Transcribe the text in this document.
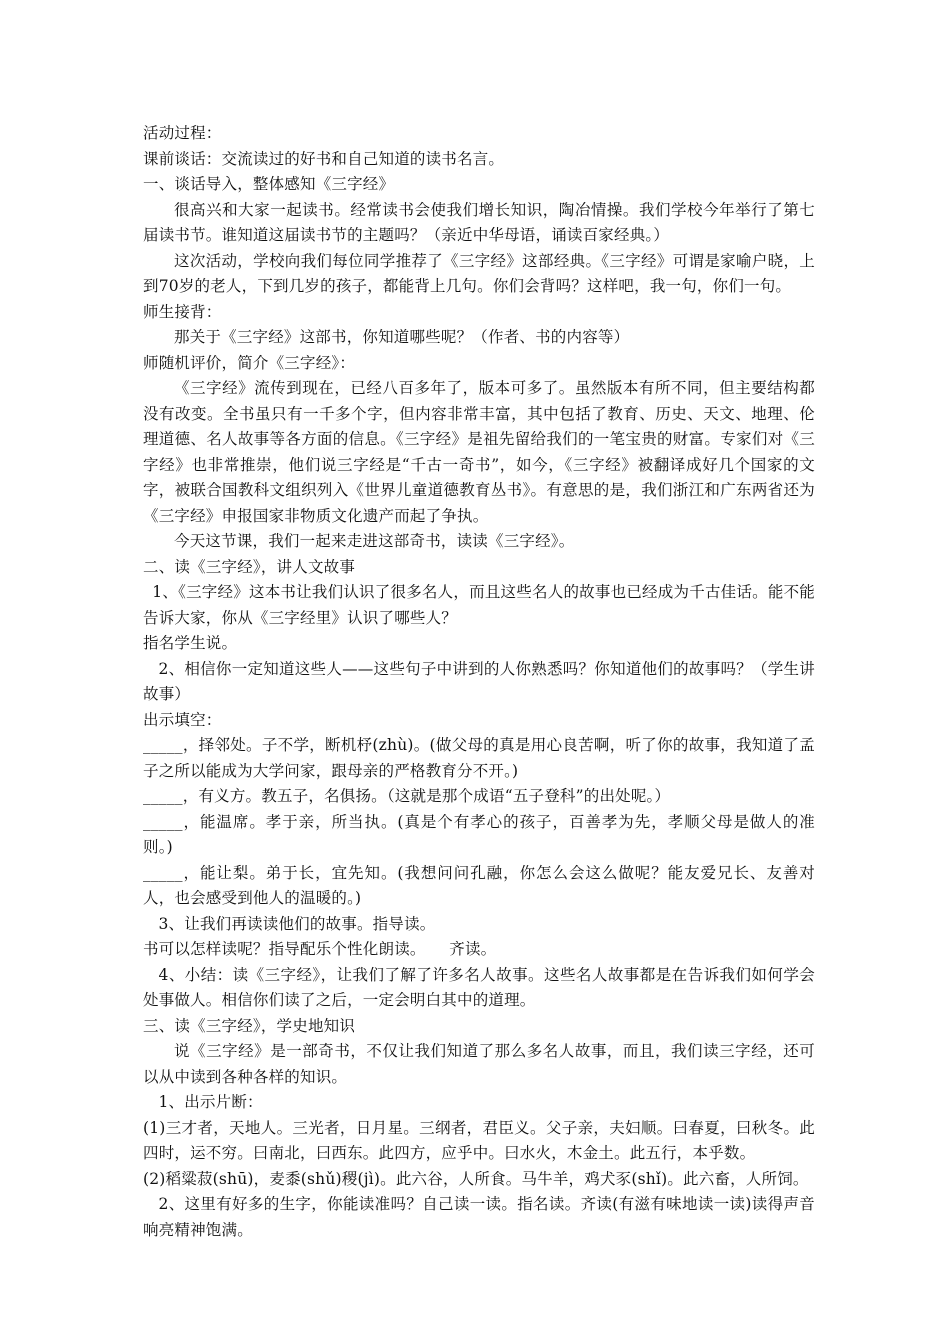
活动过程：

课前谈话：交流读过的好书和自己知道的读书名言。

一、谈话导入，整体感知《三字经》

很高兴和大家一起读书。经常读书会使我们增长知识，陶冶情操。我们学校今年举行了第七届读书节。谁知道这届读书节的主题吗？（亲近中华母语，诵读百家经典。）

这次活动，学校向我们每位同学推荐了《三字经》这部经典。《三字经》可谓是家喻户晓，上到70岁的老人，下到几岁的孩子，都能背上几句。你们会背吗？这样吧，我一句，你们一句。

师生接背：

那关于《三字经》这部书，你知道哪些呢？（作者、书的内容等）

师随机评价，简介《三字经》：

《三字经》流传到现在，已经八百多年了，版本可多了。虽然版本有所不同，但主要结构都没有改变。全书虽只有一千多个字，但内容非常丰富，其中包括了教育、历史、天文、地理、伦理道德、名人故事等各方面的信息。《三字经》是祖先留给我们的一笔宝贵的财富。专家们对《三字经》也非常推崇，他们说三字经是“千古一奇书”，如今，《三字经》被翻译成好几个国家的文字，被联合国教科文组织列入《世界儿童道德教育丛书》。有意思的是，我们浙江和广东两省还为《三字经》申报国家非物质文化遗产而起了争执。

今天这节课，我们一起来走进这部奇书，读读《三字经》。

二、读《三字经》，讲人文故事

1、《三字经》这本书让我们认识了很多名人，而且这些名人的故事也已经成为千古佳话。能不能告诉大家，你从《三字经里》认识了哪些人？

指名学生说。

2、相信你一定知道这些人——这些句子中讲到的人你熟悉吗？你知道他们的故事吗？（学生讲故事）

出示填空：

_____，择邻处。子不学，断机杼(zhù)。(做父母的真是用心良苦啊，听了你的故事，我知道了孟子之所以能成为大学问家，跟母亲的严格教育分不开。)

_____，有义方。教五子，名俱扬。（这就是那个成语“五子登科”的出处呢。）

_____，能温席。孝于亲，所当执。(真是个有孝心的孩子，百善孝为先，孝顺父母是做人的准则。)

_____，能让梨。弟于长，宜先知。(我想问问孔融，你怎么会这么做呢？能友爱兄长、友善对人，也会感受到他人的温暖的。)

3、让我们再读读他们的故事。指导读。

书可以怎样读呢？指导配乐个性化朗读。　　齐读。

4、小结：读《三字经》，让我们了解了许多名人故事。这些名人故事都是在告诉我们如何学会处事做人。相信你们读了之后，一定会明白其中的道理。

三、读《三字经》，学史地知识

说《三字经》是一部奇书，不仅让我们知道了那么多名人故事，而且，我们读三字经，还可以从中读到各种各样的知识。

1、出示片断：

(1)三才者，天地人。三光者，日月星。三纲者，君臣义。父子亲，夫妇顺。曰春夏，曰秋冬。此四时，运不穷。曰南北，曰西东。此四方，应乎中。曰水火，木金土。此五行，本乎数。

(2)稻粱菽(shū)，麦黍(shǔ)稷(jì)。此六谷，人所食。马牛羊，鸡犬豕(shǐ)。此六畜，人所饲。

2、这里有好多的生字，你能读准吗？自己读一读。指名读。齐读(有滋有味地读一读)读得声音响亮精神饱满。
